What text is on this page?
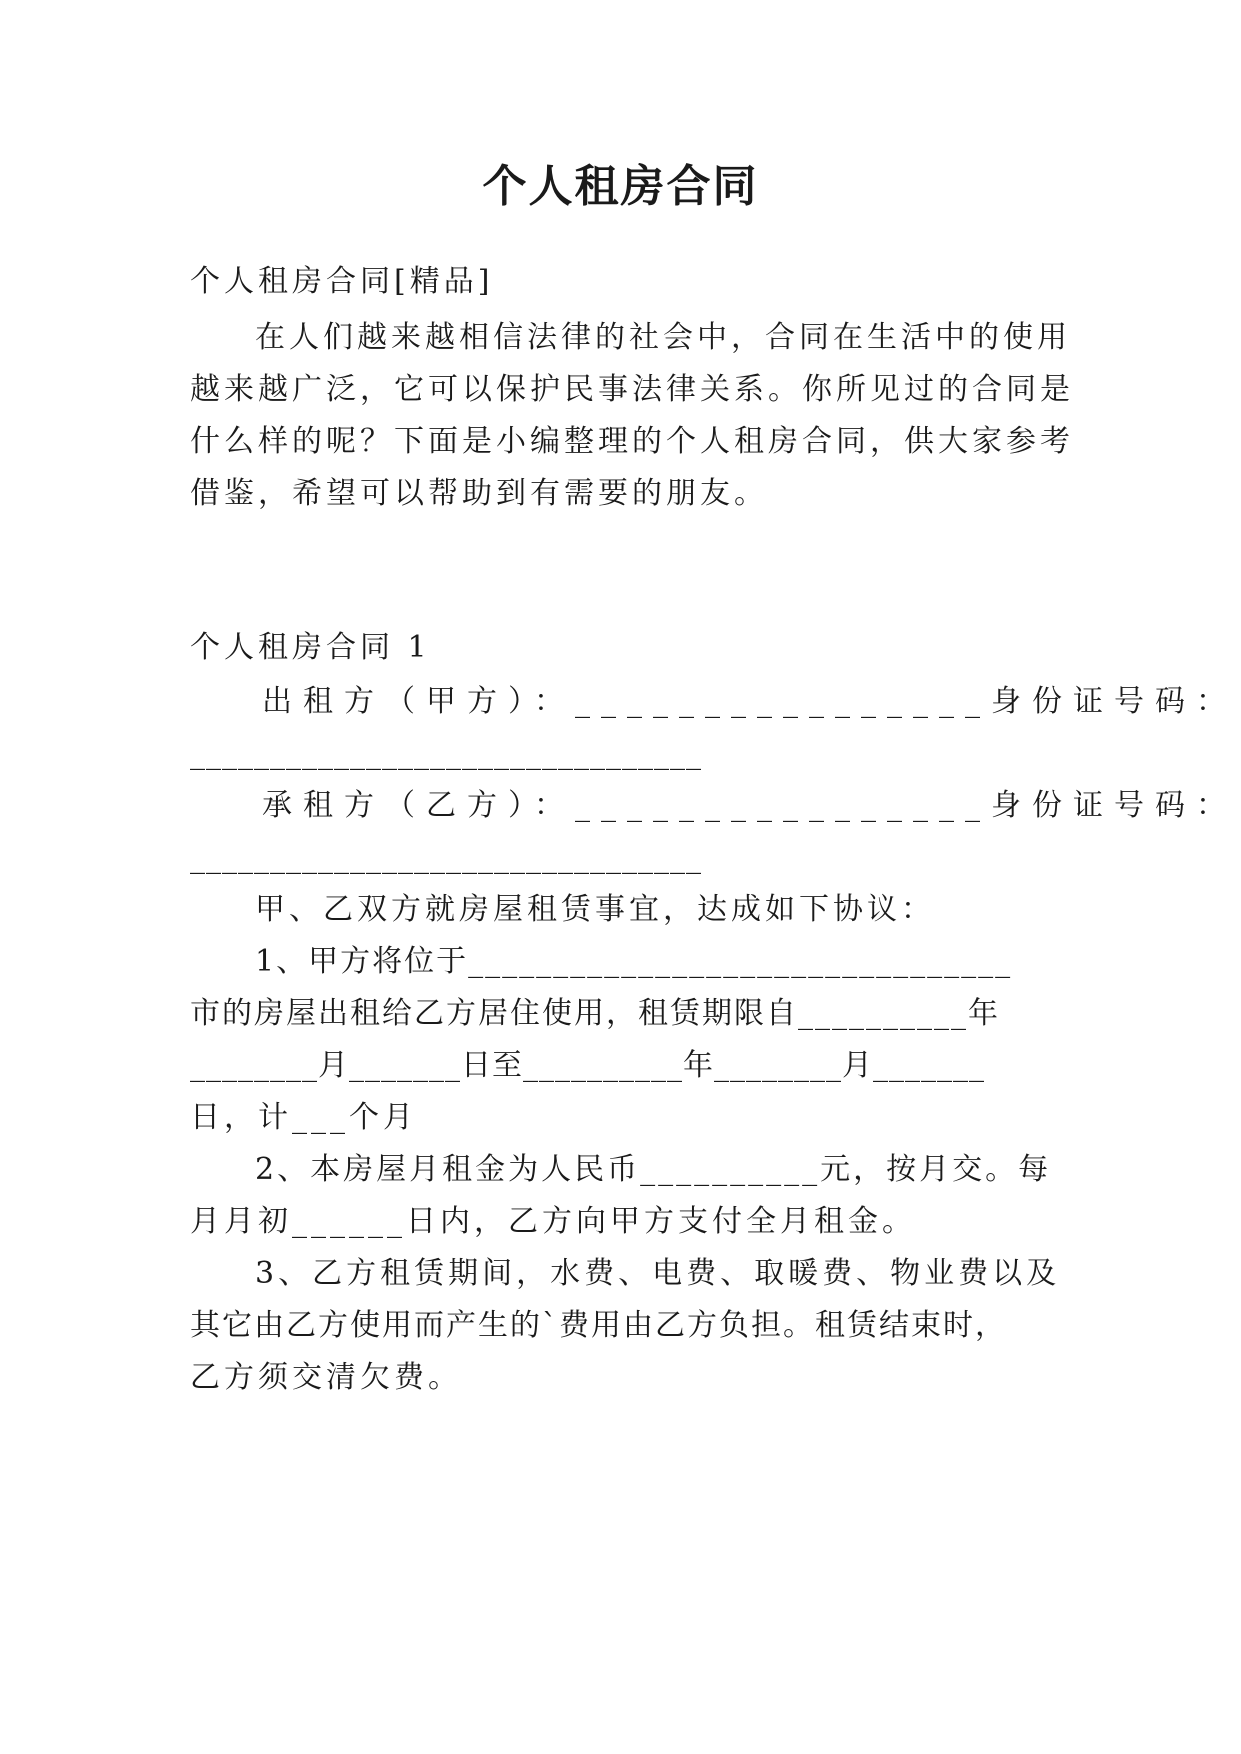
个人租房合同
个人租房合同[精品]
在人们越来越相信法律的社会中，合同在生活中的使用
越来越广泛，它可以保护民事法律关系。你所见过的合同是
什么样的呢？下面是小编整理的个人租房合同，供大家参考
借鉴，希望可以帮助到有需要的朋友。
个人租房合同 1
出租方（甲方）：________________身份证号码：
________________________________
承租方（乙方）：________________身份证号码：
________________________________
甲、乙双方就房屋租赁事宜，达成如下协议：
1、甲方将位于________________________________
市的房屋出租给乙方居住使用，租赁期限自__________年
________月_______日至__________年________月_______
日，计___个月
2、本房屋月租金为人民币__________元，按月交。每
月月初______日内，乙方向甲方支付全月租金。
3、乙方租赁期间，水费、电费、取暖费、物业费以及
其它由乙方使用而产生的`费用由乙方负担。租赁结束时，
乙方须交清欠费。
